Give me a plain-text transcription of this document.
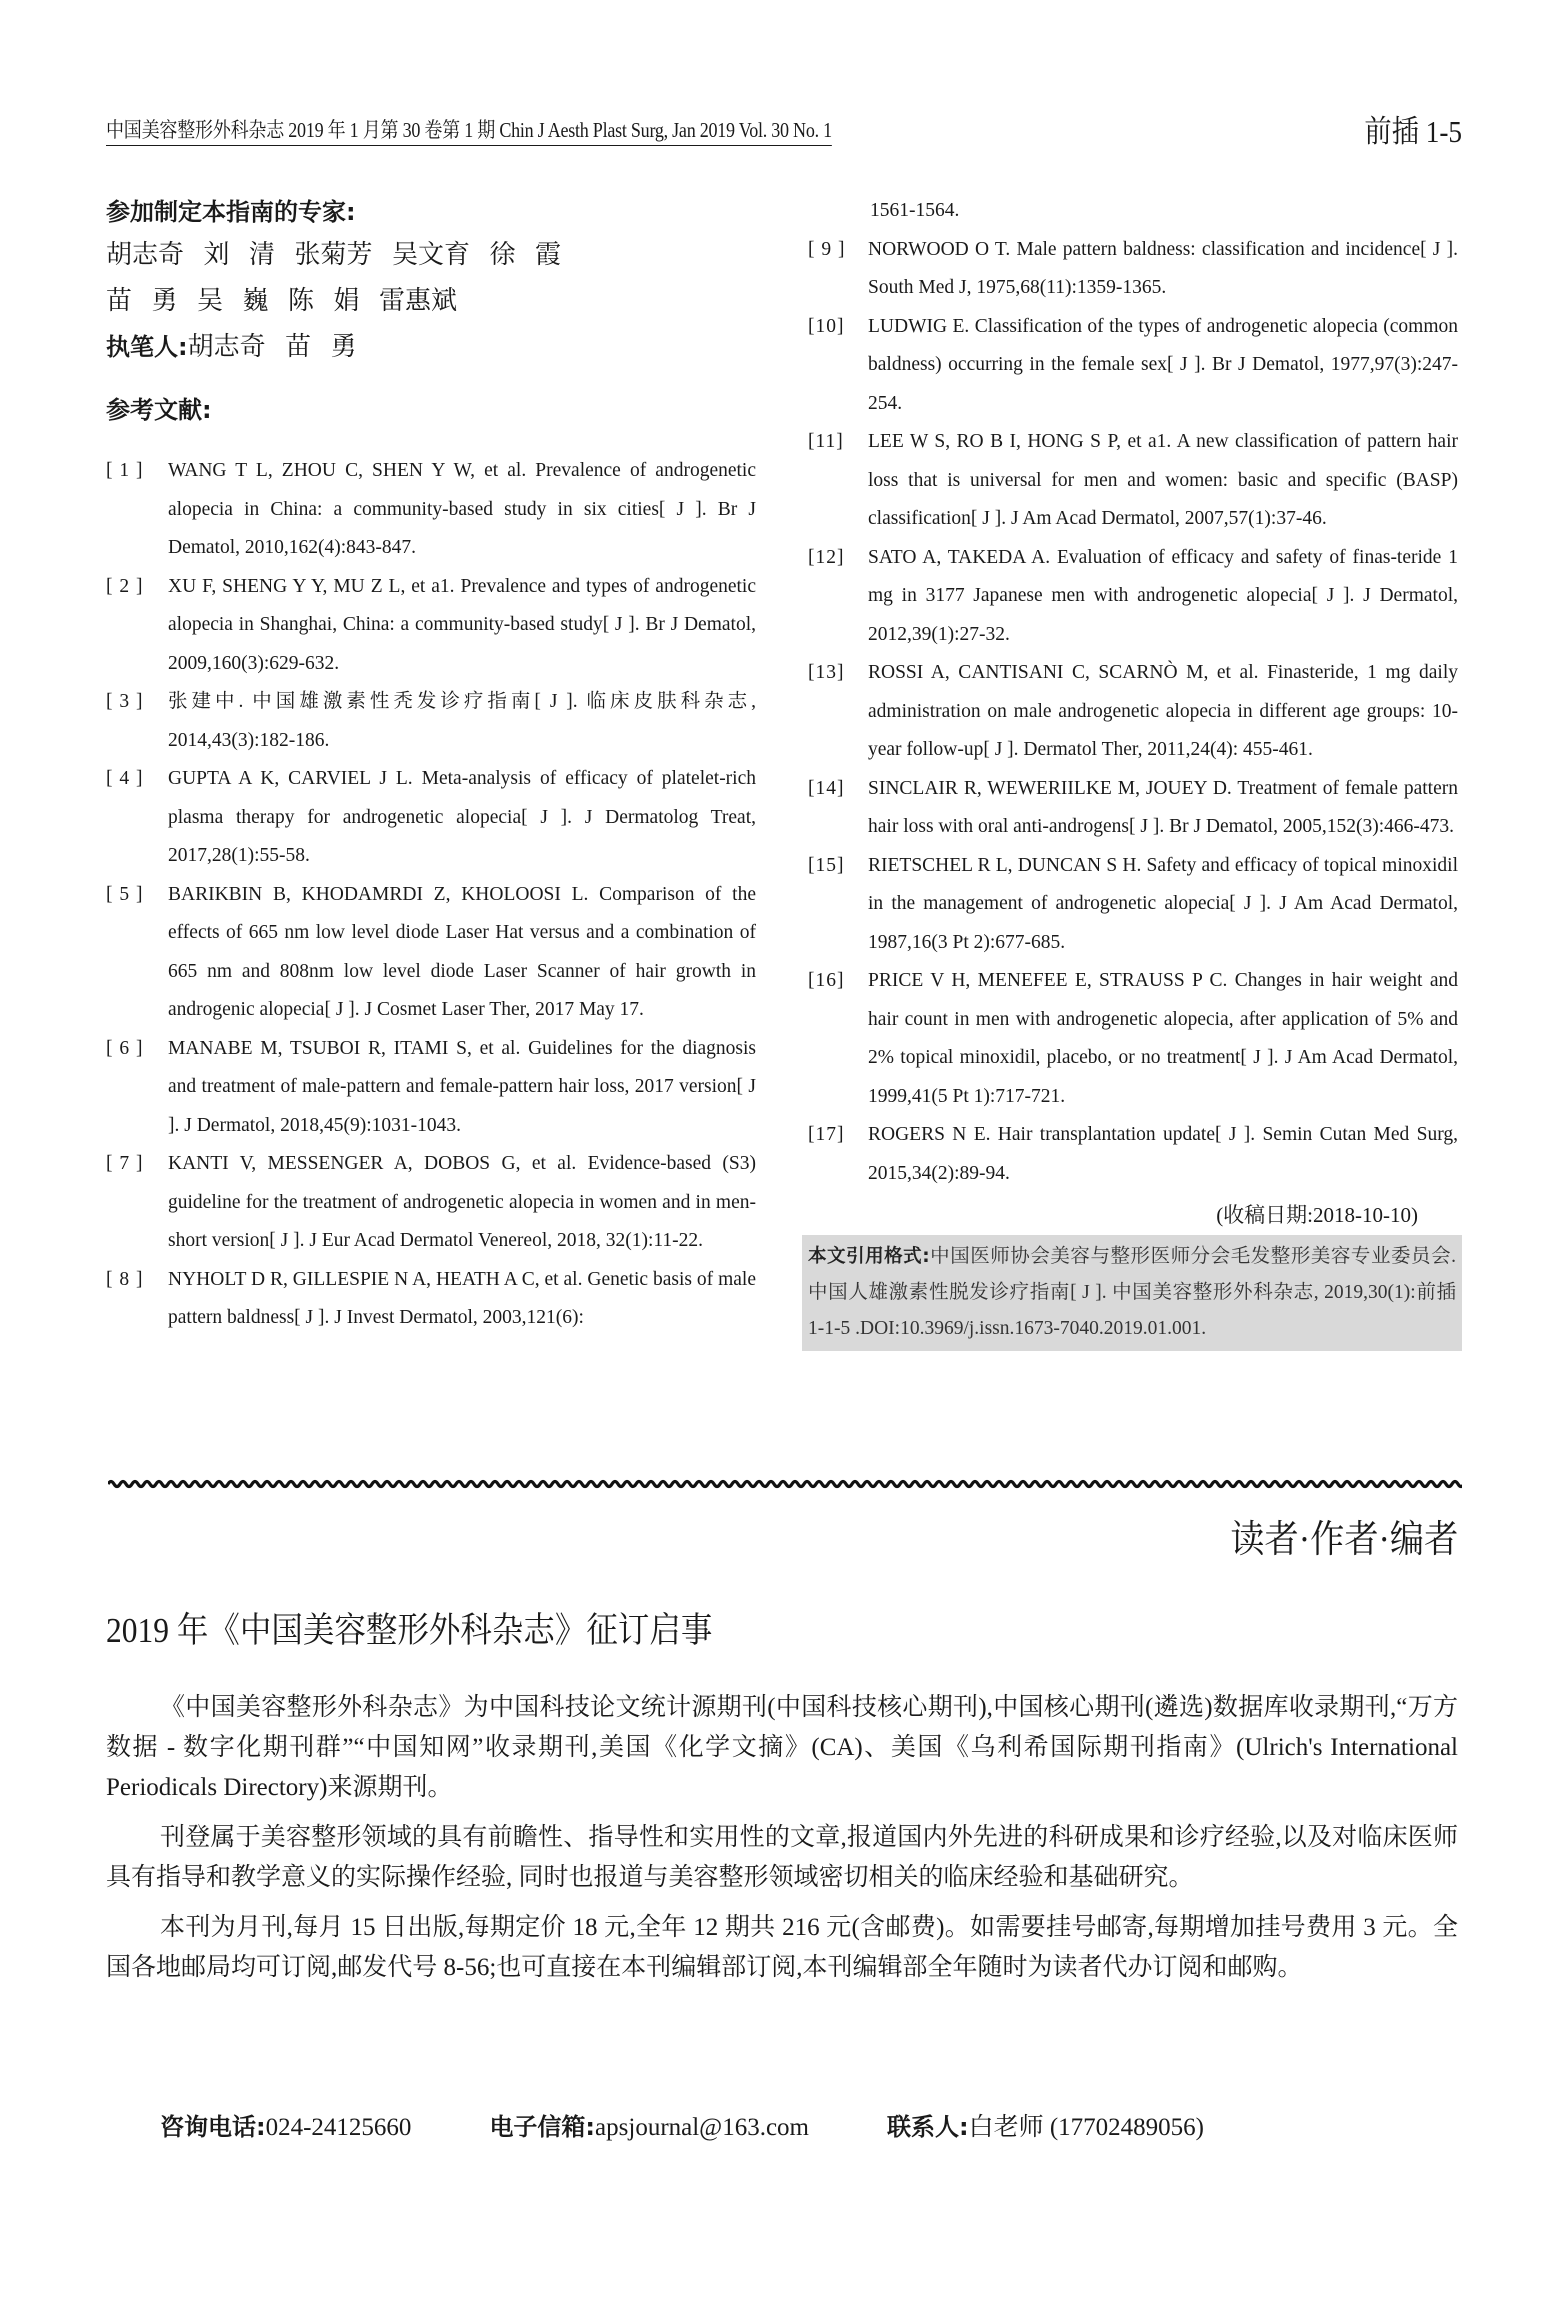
中国美容整形外科杂志 2019 年 1 月第 30 卷第 1 期 Chin J Aesth Plast Surg, Jan 2019 Vol. 30 No. 1	前插 1-5
参加制定本指南的专家:
胡志奇   刘   清   张菊芳   吴文育   徐   霞
苗   勇   吴   巍   陈   娟   雷惠斌
执笔人:胡志奇   苗   勇
参考文献:
[ 1 ]	WANG T L, ZHOU C, SHEN Y W, et al. Prevalence of androgenetic alopecia in China: a community-based study in six cities[ J ]. Br J Dematol, 2010,162(4):843-847.
[ 2 ]	XU F, SHENG Y Y, MU Z L, et a1. Prevalence and types of androgenetic alopecia in Shanghai, China: a community-based study[ J ]. Br J Dematol, 2009,160(3):629-632.
[ 3 ]	张建中. 中国雄激素性秃发诊疗指南[ J ]. 临床皮肤科杂志, 2014,43(3):182-186.
[ 4 ]	GUPTA A K, CARVIEL J L. Meta-analysis of efficacy of platelet-rich plasma therapy for androgenetic alopecia[ J ]. J Dermatolog Treat, 2017,28(1):55-58.
[ 5 ]	BARIKBIN B, KHODAMRDI Z, KHOLOOSI L. Comparison of the effects of 665 nm low level diode Laser Hat versus and a combination of 665 nm and 808nm low level diode Laser Scanner of hair growth in androgenic alopecia[ J ]. J Cosmet Laser Ther, 2017 May 17.
[ 6 ]	MANABE M, TSUBOI R, ITAMI S, et al. Guidelines for the diagnosis and treatment of male-pattern and female-pattern hair loss, 2017 version[ J ]. J Dermatol, 2018,45(9):1031-1043.
[ 7 ]	KANTI V, MESSENGER A, DOBOS G, et al. Evidence-based (S3) guideline for the treatment of androgenetic alopecia in women and in men-short version[ J ]. J Eur Acad Dermatol Venereol, 2018, 32(1):11-22.
[ 8 ]	NYHOLT D R, GILLESPIE N A, HEATH A C, et al. Genetic basis of male pattern baldness[ J ]. J Invest Dermatol, 2003,121(6):
1561-1564.
[ 9 ]	NORWOOD O T. Male pattern baldness: classification and incidence[ J ]. South Med J, 1975,68(11):1359-1365.
[10]	LUDWIG E. Classification of the types of androgenetic alopecia (common baldness) occurring in the female sex[ J ]. Br J Dematol, 1977,97(3):247-254.
[11]	LEE W S, RO B I, HONG S P, et a1. A new classification of pattern hair loss that is universal for men and women: basic and specific (BASP) classification[ J ]. J Am Acad Dermatol, 2007,57(1):37-46.
[12]	SATO A, TAKEDA A. Evaluation of efficacy and safety of finas-teride 1 mg in 3177 Japanese men with androgenetic alopecia[ J ]. J Dermatol, 2012,39(1):27-32.
[13]	ROSSI A, CANTISANI C, SCARNÒ M, et al. Finasteride, 1 mg daily administration on male androgenetic alopecia in different age groups: 10-year follow-up[ J ]. Dermatol Ther, 2011,24(4): 455-461.
[14]	SINCLAIR R, WEWERIILKE M, JOUEY D. Treatment of female pattern hair loss with oral anti-androgens[ J ]. Br J Dematol, 2005,152(3):466-473.
[15]	RIETSCHEL R L, DUNCAN S H. Safety and efficacy of topical minoxidil in the management of androgenetic alopecia[ J ]. J Am Acad Dermatol, 1987,16(3 Pt 2):677-685.
[16]	PRICE V H, MENEFEE E, STRAUSS P C. Changes in hair weight and hair count in men with androgenetic alopecia, after application of 5% and 2% topical minoxidil, placebo, or no treatment[ J ]. J Am Acad Dermatol, 1999,41(5 Pt 1):717-721.
[17]	ROGERS N E. Hair transplantation update[ J ]. Semin Cutan Med Surg, 2015,34(2):89-94.
(收稿日期:2018-10-10)
本文引用格式:中国医师协会美容与整形医师分会毛发整形美容专业委员会. 中国人雄激素性脱发诊疗指南[ J ]. 中国美容整形外科杂志, 2019,30(1):前插 1-1-5 .DOI:10.3969/j.issn.1673-7040.2019.01.001.
读者·作者·编者
2019 年《中国美容整形外科杂志》征订启事

《中国美容整形外科杂志》为中国科技论文统计源期刊(中国科技核心期刊),中国核心期刊(遴选)数据库收录期刊,“万方数据 - 数字化期刊群”“中国知网”收录期刊,美国《化学文摘》(CA)、美国《乌利希国际期刊指南》(Ulrich's International Periodicals Directory)来源期刊。

刊登属于美容整形领域的具有前瞻性、指导性和实用性的文章,报道国内外先进的科研成果和诊疗经验,以及对临床医师具有指导和教学意义的实际操作经验, 同时也报道与美容整形领域密切相关的临床经验和基础研究。

本刊为月刊,每月 15 日出版,每期定价 18 元,全年 12 期共 216 元(含邮费)。如需要挂号邮寄,每期增加挂号费用 3 元。全国各地邮局均可订阅,邮发代号 8-56;也可直接在本刊编辑部订阅,本刊编辑部全年随时为读者代办订阅和邮购。

咨询电话:024-24125660	电子信箱:apsjournal@163.com	联系人:白老师 (17702489056)
